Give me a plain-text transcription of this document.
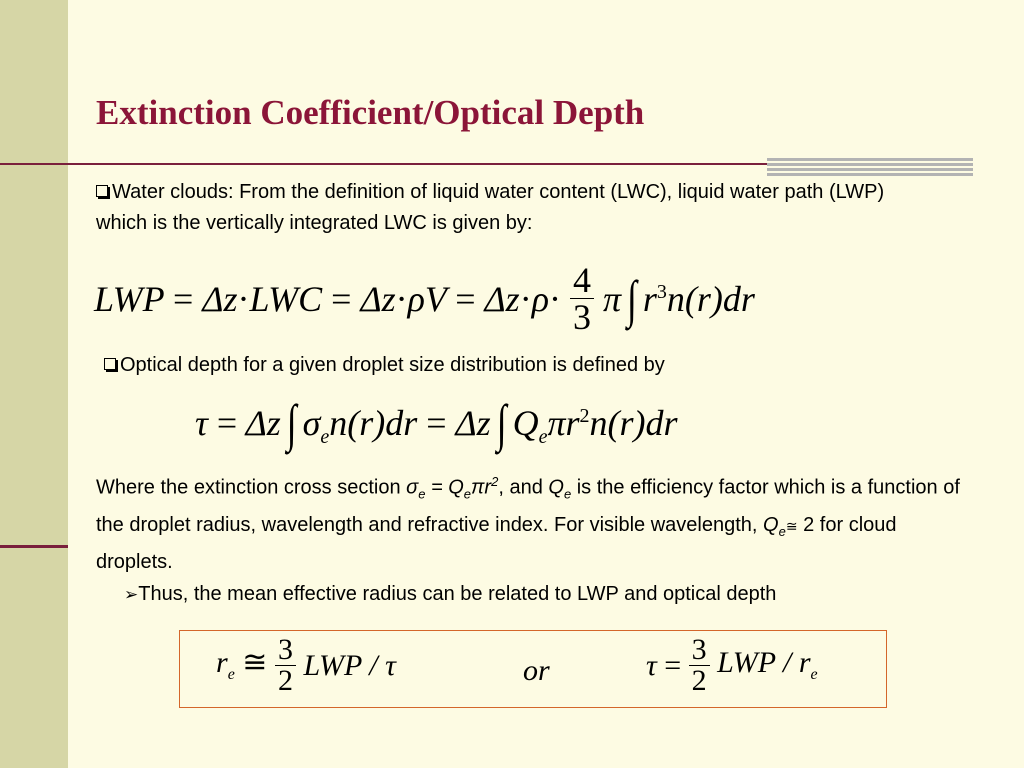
Extinction Coefficient/Optical Depth
Water clouds: From the definition of liquid water content (LWC), liquid water path (LWP) which is the vertically integrated LWC is given by:
LWP = $\Delta z\cdot LWC = \Delta z\cdot\rho V = \Delta z\cdot\rho\cdot \frac{4}{3}$ π ∫ $r^3n(r)dr$
Optical depth for a given droplet size distribution is defined by
τ = Δz ∫ $\sigma_en(r)dr = \Delta z$ ∫ $Q_e\pi r^2n(r)dr$
Where the extinction cross section $\sigma_e = Q_e\pi r^2$, and $Q_e$ is the efficiency factor which is a function of the droplet radius, wavelength and refractive index. For visible wavelength, $Q_e≅$ 2 for cloud droplets.
➢Thus, the mean effective radius can be related to LWP and optical depth
$r_e$ ≅ $\frac{3}{2}$ LWP / τ	or	$\tau = \frac{3}{2}$ LWP / $r_e$
